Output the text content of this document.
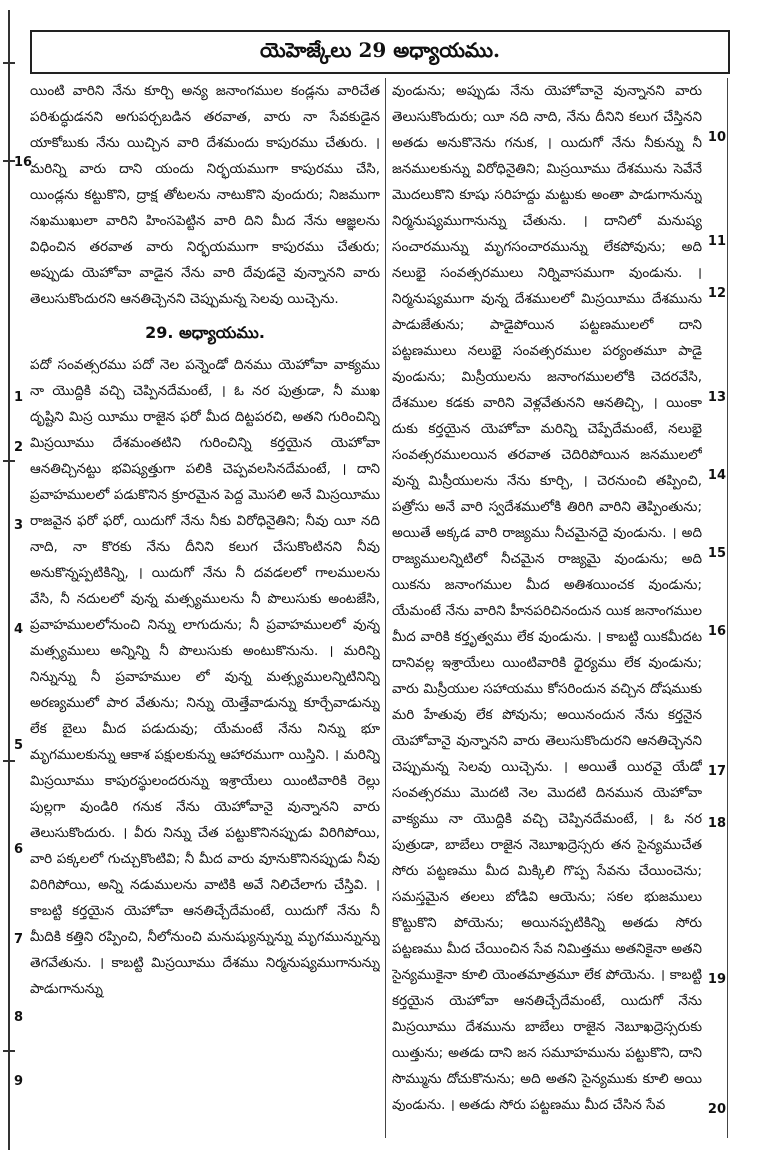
యెహెజ్కేలు 29 అధ్యాయము.

యింటి వారిని నేను కూర్చి అన్య జనాంగముల కండ్లను వారిచేత పరిశుద్ధుడనని అగుపర్చబడిన తరవాత, వారు నా సేవకుడైన యాకోబుకు నేను యిచ్చిన వారి దేశమందు కాపురము చేతురు. । మరిన్ని వారు దాని యందు నిర్భయముగా కాపురము చేసి, యిండ్లను కట్టుకొని, ద్రాక్ష తోటలను నాటుకొని వుందురు; నిజముగా నఖముఖులా వారిని హింసపెట్టిన వారి దిని మీద నేను ఆజ్ఞలను విధించిన తరవాత వారు నిర్భయముగా కాపురము చేతురు; అప్పుడు యెహోవా వాడైన నేను వారి దేవుడనై వున్నానని వారు తెలుసుకొందురని ఆనతిచ్చెనని చెప్పుమన్న సెలవు యిచ్చెను.

29. అధ్యాయము.

పదో సంవత్సరము పదో నెల పన్నెండో దినము యెహోవా వాక్యము నా యొద్దికి వచ్చి చెప్పినదేమంటే, । ఓ నర పుత్రుడా, నీ ముఖ దృష్టిని మిస్ర యీము రాజైన ఫరో మీద దిట్టపరచి, అతని గురించిన్ని మిస్రయీము దేశమంతటిని గురించిన్ని కర్తయైన యెహోవా ఆనతిచ్చినట్టు భవిష్యత్తుగా పలికి చెప్పవలసినదేమంటే, । దాని ప్రవాహములలో పడుకొనిన క్రూరమైన పెద్ద మొసలి అనే మిస్రయీము రాజవైన ఫరో ఫరో, యిదుగో నేను నీకు విరోధినైతిని; నీవు యీ నది నాది, నా కొరకు నేను దీనిని కలుగ చేసుకొంటినని నీవు అనుకొన్నప్పటికిన్ని, । యిదుగో నేను నీ దవడలలో గాలములను వేసి, నీ నదులలో వున్న మత్స్యములను నీ పొలుసుకు అంటజేసి, ప్రవాహములలోనుంచి నిన్ను లాగుదును; నీ ప్రవాహములలో వున్న మత్స్యములు అన్నిన్ని నీ పొలుసుకు అంటుకొనును. । మరిన్ని నిన్నున్ను నీ ప్రవాహముల లో వున్న మత్స్యములన్నిటినిన్ని అరణ్యములో పార వేతును; నిన్ను యెత్తేవాడున్ను కూర్చేవాడున్ను లేక బైలు మీద పడుదువు; యేమంటే నేను నిన్ను భూ మృగములకున్ను ఆకాశ పక్షులకున్ను ఆహారముగా యిస్తిని. । మరిన్ని మిస్రయీము కాపురస్థులందరున్ను ఇశ్రాయేలు యింటివారికి రెల్లు పుల్లగా వుండిరి గనుక నేను యెహోవానై వున్నానని వారు తెలుసుకొందురు. । వీరు నిన్ను చేత పట్టుకొనినప్పుడు విరిగిపోయి, వారి పక్కలలో గుచ్చుకొంటివి; నీ మీద వారు వూనుకొనినప్పుడు నీవు విరిగిపోయి, అన్ని నడుములను వాటికి అవే నిలిచేలాగు చేస్తివి. । కాబట్టి కర్తయైన యెహోవా ఆనతిచ్చేదేమంటే, యిదుగో నేను నీ మీదికి కత్తిని రప్పించి, నీలోనుంచి మనుష్యున్నున్ను మృగమున్నున్ను తెగవేతును. । కాబట్టి మిస్రయీము దేశము నిర్మనుష్యముగానున్ను పాడుగానున్ను

16
1
2
3
4
5
6
7
8
9

వుండును; అప్పుడు నేను యెహోవానై వున్నానని వారు తెలుసుకొందురు; యీ నది నాది, నేను దీనిని కలుగ చేస్తినని అతడు అనుకొనెను గనుక, । యిదుగో నేను నీకున్ను నీ జనములకున్ను విరోధినైతిని; మిస్రయీము దేశమును సెవేనే మొదలుకొని కూషు సరిహద్దు మట్టుకు అంతా పాడుగానున్ను నిర్మనుష్యముగానున్ను చేతును. । దానిలో మనుష్య సంచారమున్ను మృగసంచారమున్ను లేకపోవును; అది నలుభై సంవత్సరములు నిర్నివాసముగా వుండును. । నిర్మనుష్యముగా వున్న దేశములలో మిస్రయీము దేశమును పాడుజేతును; పాడైపోయిన పట్టణములలో దాని పట్టణములు నలుభై సంవత్సరముల పర్యంతమూ పాడై వుండును; మిస్రీయులను జనాంగములలోకి చెదరవేసి, దేశముల కడకు వారిని వెళ్లవేతునని ఆనతిచ్చి, । యింకా దుకు కర్తయైన యెహోవా మరిన్ని చెప్పేదేమంటే, నలుభై సంవత్సరములయిన తరవాత చెదిరిపోయిన జనములలో వున్న మిస్రీయులను నేను కూర్చి, । చెరనుంచి తప్పించి, పత్రోసు అనే వారి స్వదేశములోకి తిరిగి వారిని తెప్పింతును; అయితే అక్కడ వారి రాజ్యము నీచమైనదై వుండును. । అది రాజ్యములన్నిటిలో నీచమైన రాజ్యమై వుండును; అది యికను జనాంగముల మీద అతిశయించక వుండును; యేమంటే నేను వారిని హీనపరిచినందున యిక జనాంగముల మీద వారికి కర్తృత్వము లేక వుండును. । కాబట్టి యికమీదట దానివల్ల ఇశ్రాయేలు యింటివారికి ధైర్యము లేక వుండును; వారు మిస్రీయుల సహాయము కోసరిందున వచ్చిన దోషముకు మరి హేతువు లేక పోవును; అయినందున నేను కర్తనైన యెహోవానై వున్నానని వారు తెలుసుకొందురని ఆనతిచ్చెనని చెప్పుమన్న సెలవు యిచ్చెను. । అయితే యిరవై యేడో సంవత్సరము మొదటి నెల మొదటి దినమున యెహోవా వాక్యము నా యొద్దికి వచ్చి చెప్పినదేమంటే, । ఓ నర పుత్రుడా, బాబేలు రాజైన నెబూఖద్రెస్సరు తన సైన్యముచేత సోరు పట్టణము మీద మిక్కిలి గొప్ప సేవను చేయించెను; సమస్తమైన తలలు బోడివి ఆయెను; సకల భుజములు కొట్టుకొని పోయెను; అయినప్పటికిన్ని అతడు సోరు పట్టణము మీద చేయించిన సేవ నిమిత్తము అతనికైనా అతని సైన్యముకైనా కూలి యెంతమాత్రమూ లేక పోయెను. । కాబట్టి కర్తయైన యెహోవా ఆనతిచ్చేదేమంటే, యిదుగో నేను మిస్రయీము దేశమును బాబేలు రాజైన నెబూఖద్రెస్సరుకు యిత్తును; అతడు దాని జన సమూహమును పట్టుకొని, దాని సొమ్మును దోచుకొనును; అది అతని సైన్యముకు కూలి అయి వుండును. । అతడు సోరు పట్టణము మీద చేసిన సేవ

10
11
12
13
14
15
16
17
18
19
20
